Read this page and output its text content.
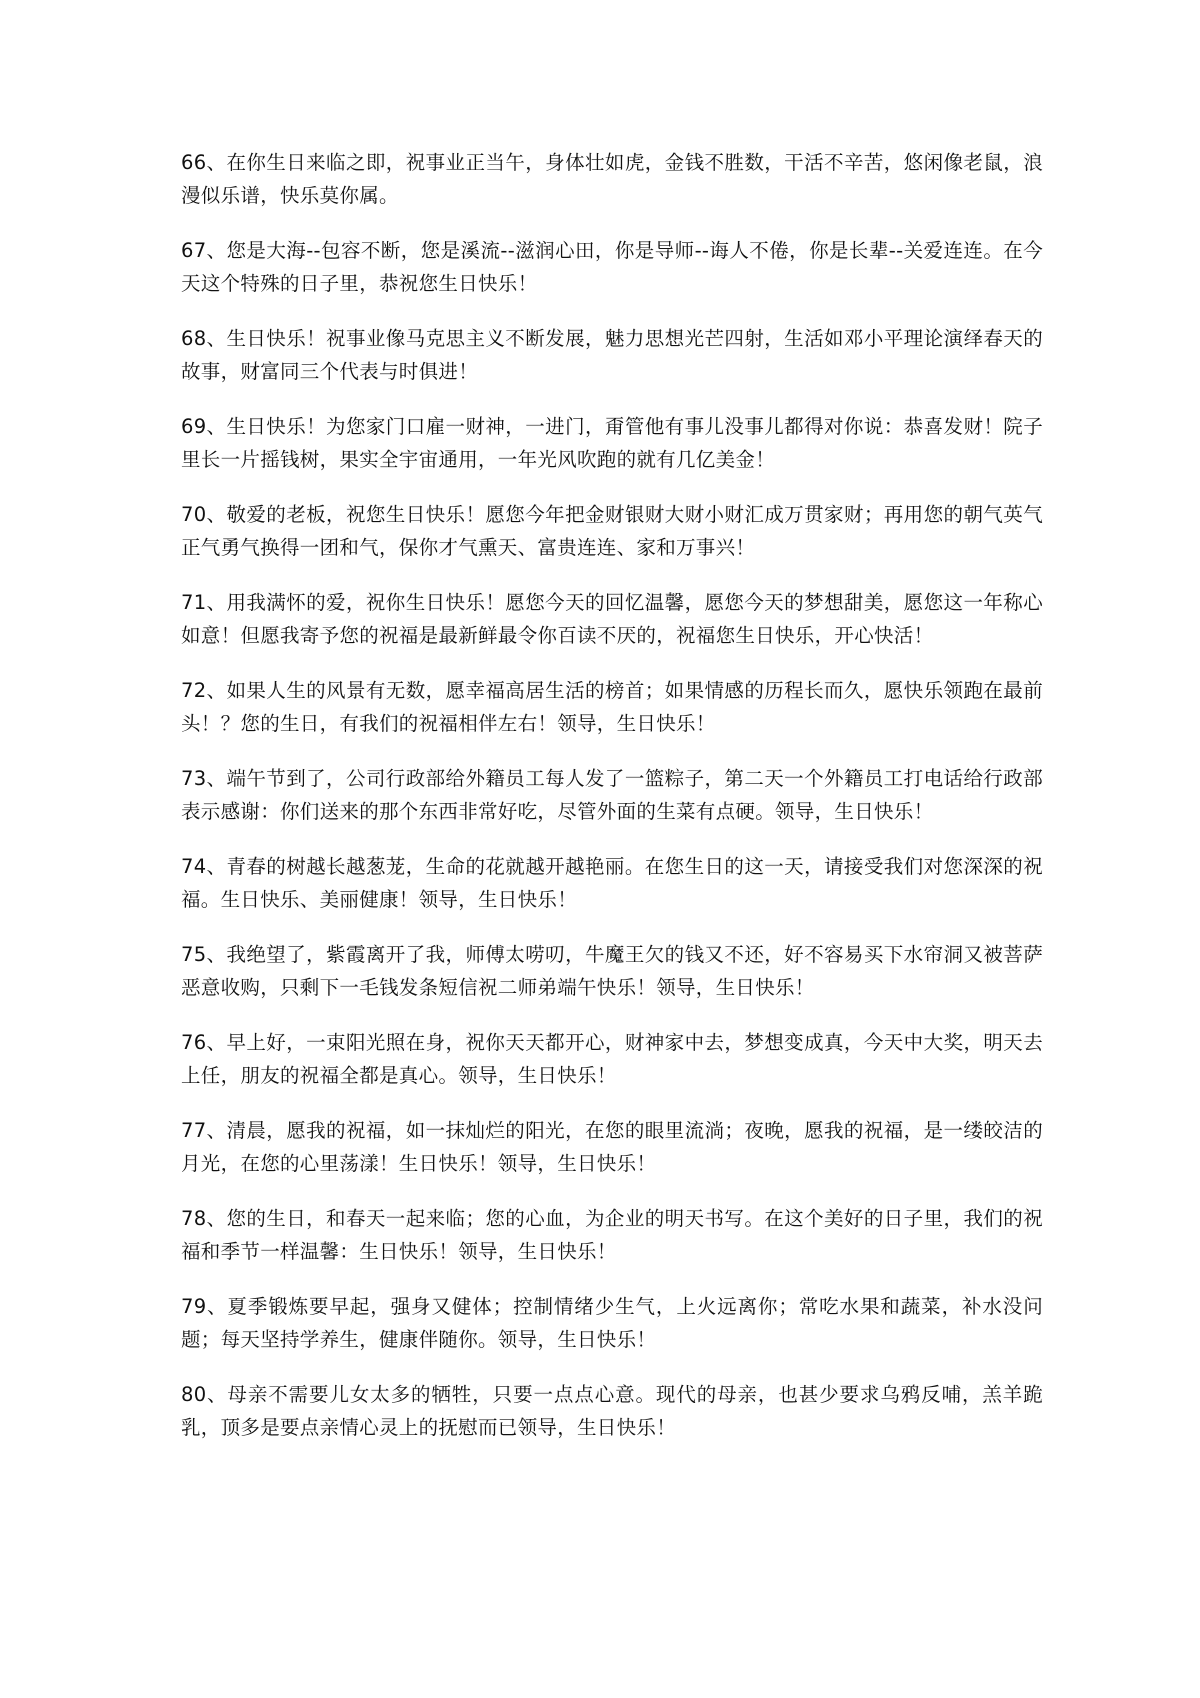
66、在你生日来临之即，祝事业正当午，身体壮如虎，金钱不胜数，干活不辛苦，悠闲像老鼠，浪漫似乐谱，快乐莫你属。

67、您是大海--包容不断，您是溪流--滋润心田，你是导师--诲人不倦，你是长辈--关爱连连。在今天这个特殊的日子里，恭祝您生日快乐！

68、生日快乐！祝事业像马克思主义不断发展，魅力思想光芒四射，生活如邓小平理论演绎春天的故事，财富同三个代表与时俱进！

69、生日快乐！为您家门口雇一财神，一进门，甭管他有事儿没事儿都得对你说：恭喜发财！院子里长一片摇钱树，果实全宇宙通用，一年光风吹跑的就有几亿美金！

70、敬爱的老板，祝您生日快乐！愿您今年把金财银财大财小财汇成万贯家财；再用您的朝气英气正气勇气换得一团和气，保你才气熏天、富贵连连、家和万事兴！

71、用我满怀的爱，祝你生日快乐！愿您今天的回忆温馨，愿您今天的梦想甜美，愿您这一年称心如意！但愿我寄予您的祝福是最新鲜最令你百读不厌的，祝福您生日快乐，开心快活！

72、如果人生的风景有无数，愿幸福高居生活的榜首；如果情感的历程长而久，愿快乐领跑在最前头！？您的生日，有我们的祝福相伴左右！领导，生日快乐！

73、端午节到了，公司行政部给外籍员工每人发了一篮粽子，第二天一个外籍员工打电话给行政部表示感谢：你们送来的那个东西非常好吃，尽管外面的生菜有点硬。领导，生日快乐！

74、青春的树越长越葱茏，生命的花就越开越艳丽。在您生日的这一天，请接受我们对您深深的祝福。生日快乐、美丽健康！领导，生日快乐！

75、我绝望了，紫霞离开了我，师傅太唠叨，牛魔王欠的钱又不还，好不容易买下水帘洞又被菩萨恶意收购，只剩下一毛钱发条短信祝二师弟端午快乐！领导，生日快乐！

76、早上好，一束阳光照在身，祝你天天都开心，财神家中去，梦想变成真，今天中大奖，明天去上任，朋友的祝福全都是真心。领导，生日快乐！

77、清晨，愿我的祝福，如一抹灿烂的阳光，在您的眼里流淌；夜晚，愿我的祝福，是一缕皎洁的月光，在您的心里荡漾！生日快乐！领导，生日快乐！

78、您的生日，和春天一起来临；您的心血，为企业的明天书写。在这个美好的日子里，我们的祝福和季节一样温馨：生日快乐！领导，生日快乐！

79、夏季锻炼要早起，强身又健体；控制情绪少生气，上火远离你；常吃水果和蔬菜，补水没问题；每天坚持学养生，健康伴随你。领导，生日快乐！

80、母亲不需要儿女太多的牺牲，只要一点点心意。现代的母亲，也甚少要求乌鸦反哺，羔羊跪乳，顶多是要点亲情心灵上的抚慰而已领导，生日快乐！
